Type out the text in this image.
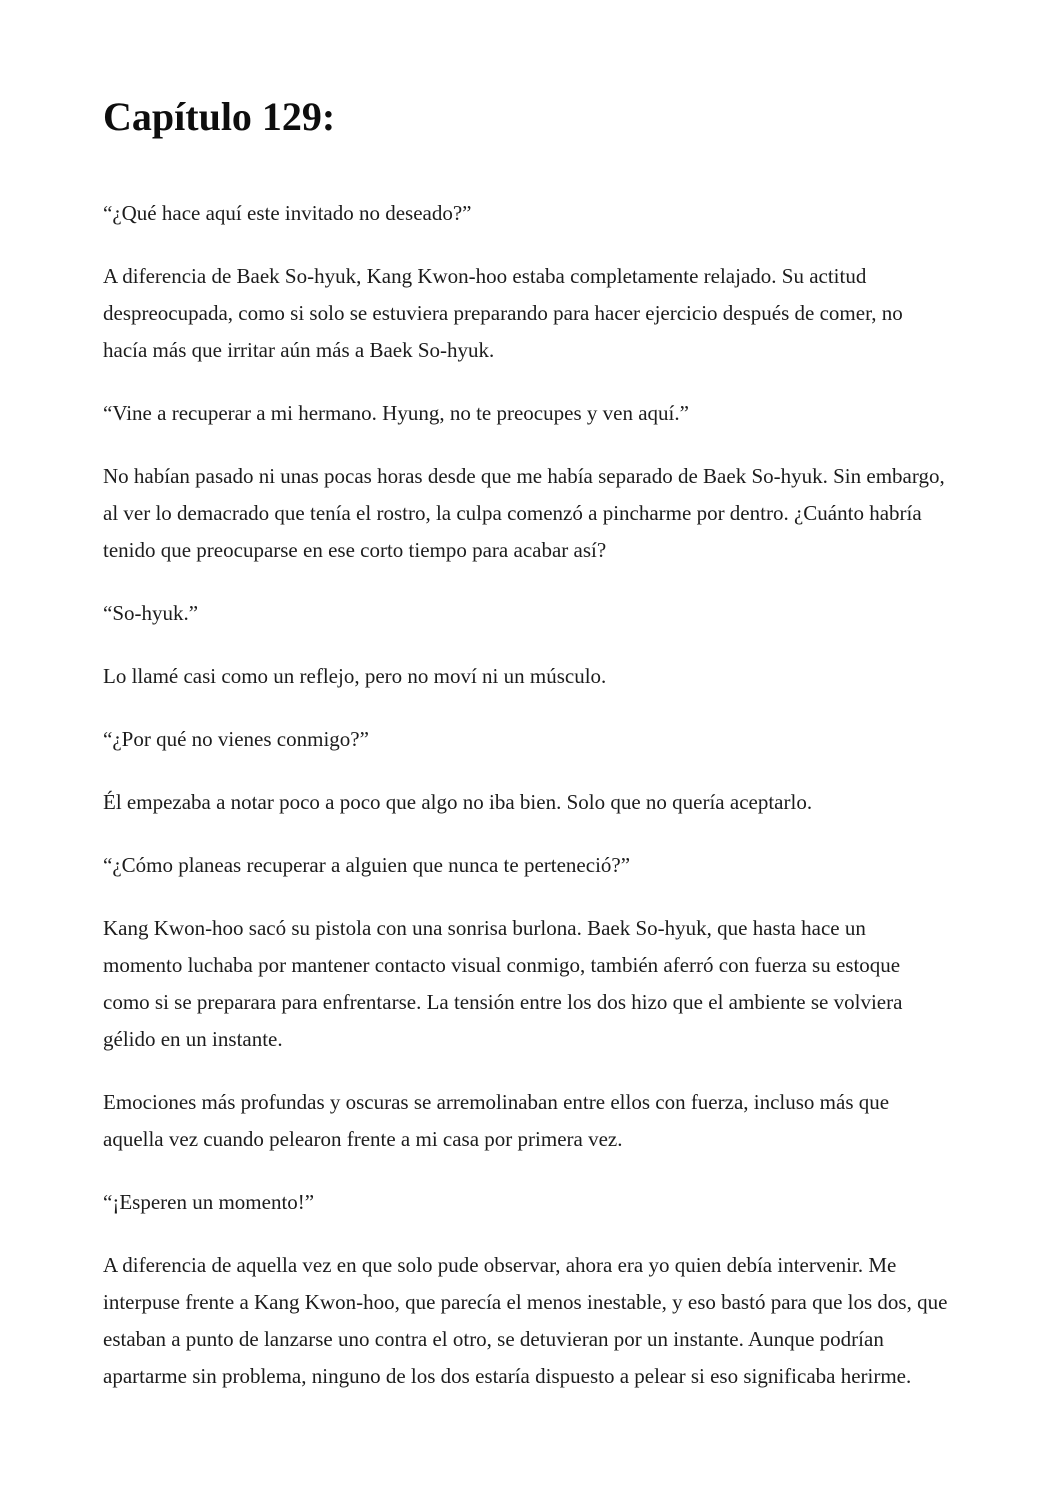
Capítulo 129:

“¿Qué hace aquí este invitado no deseado?”

A diferencia de Baek So-hyuk, Kang Kwon-hoo estaba completamente relajado. Su actitud despreocupada, como si solo se estuviera preparando para hacer ejercicio después de comer, no hacía más que irritar aún más a Baek So-hyuk.

“Vine a recuperar a mi hermano. Hyung, no te preocupes y ven aquí.”

No habían pasado ni unas pocas horas desde que me había separado de Baek So-hyuk. Sin embargo, al ver lo demacrado que tenía el rostro, la culpa comenzó a pincharme por dentro. ¿Cuánto habría tenido que preocuparse en ese corto tiempo para acabar así?

“So-hyuk.”

Lo llamé casi como un reflejo, pero no moví ni un músculo.

“¿Por qué no vienes conmigo?”

Él empezaba a notar poco a poco que algo no iba bien. Solo que no quería aceptarlo.

“¿Cómo planeas recuperar a alguien que nunca te perteneció?”

Kang Kwon-hoo sacó su pistola con una sonrisa burlona. Baek So-hyuk, que hasta hace un momento luchaba por mantener contacto visual conmigo, también aferró con fuerza su estoque como si se preparara para enfrentarse. La tensión entre los dos hizo que el ambiente se volviera gélido en un instante.

Emociones más profundas y oscuras se arremolinaban entre ellos con fuerza, incluso más que aquella vez cuando pelearon frente a mi casa por primera vez.

“¡Esperen un momento!”

A diferencia de aquella vez en que solo pude observar, ahora era yo quien debía intervenir. Me interpuse frente a Kang Kwon-hoo, que parecía el menos inestable, y eso bastó para que los dos, que estaban a punto de lanzarse uno contra el otro, se detuvieran por un instante. Aunque podrían apartarme sin problema, ninguno de los dos estaría dispuesto a pelear si eso significaba herirme.
